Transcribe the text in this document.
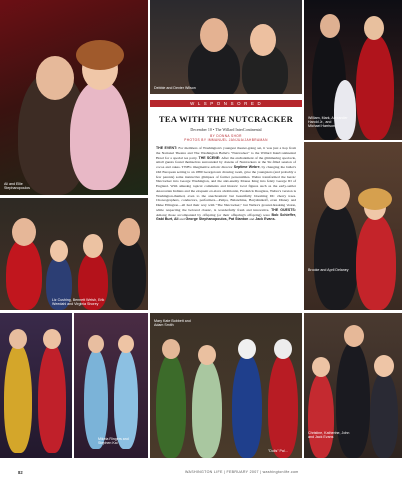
Ali and Ellie
Stephanopoulos
Debbie and Dexter Wilson
William, Mark, Alexander
Harold Jr., and
Michael Harrison
W L S P O N S O R E D
TEA WITH THE NUTCRACKER
December 10 • The Willard InterContinental
BY DONNA SHOR
PHOTOS BY IMMANUEL JANJUA/JAHBRAMAN
THE EVENT: For members of Washington's youngest theater-going set, it was just a hop from the National Theatre and The Washington Ballet's "Nutcracker" to the Willard InterContinental Hotel for a special tea party. THE SCENE: After the enchantment of the glimmering spectacle, small guests found themselves surrounded by dozens of Nutcrackers at the Sir-filled session of cocoa and cakes. TWB's imaginative artistic director Septime Webre, by changing the ballet's Old European setting to an 1880 Georgetown drawing room, gave the youngsters (and probably a few parents) some instructive glimpses of former personalities. Webre transformed the heroic Nutcracker into George Washington, and the anti-enemy Mouse King into feisty George III of England. With amusing topical comments and historic local figures such as the early-settler Anacostian Indians and the eloquent ex-slave abolitionist, Frederick Douglass, Webre's version is Washington-themed, even to the anachronistic but beautifully blooming DC cherry trees. Choreographers, conductors, performers—Petipa, Balanchine, Baryshnikoff, even Disney and Duke Ellington—all had their way with "The Nutcracker," but Webre's ground-breaking vision, while respecting the beloved classic, is wonderfully fresh and innovative. THE GUESTS: Among those accompanied by offspring (or their offspring's offspring) were Bob Schieffer, Gabi Burt, Ali and George Stephanopoulos, Pat Stanton and Jack Evans.
Liz Cushing, Bennett Welsh, Erik
Weedahl and Virginia Shorey
Brooke and April Delaney
Mikela Ringers and
Stephen Kai
Mary Kate Bobbett and
Adam Smith
"Dolls" Pal...
Christine, Katherine, John
and Jack Evans
82	WASHINGTON LIFE | FEBRUARY 2007 | washingtonlife.com
